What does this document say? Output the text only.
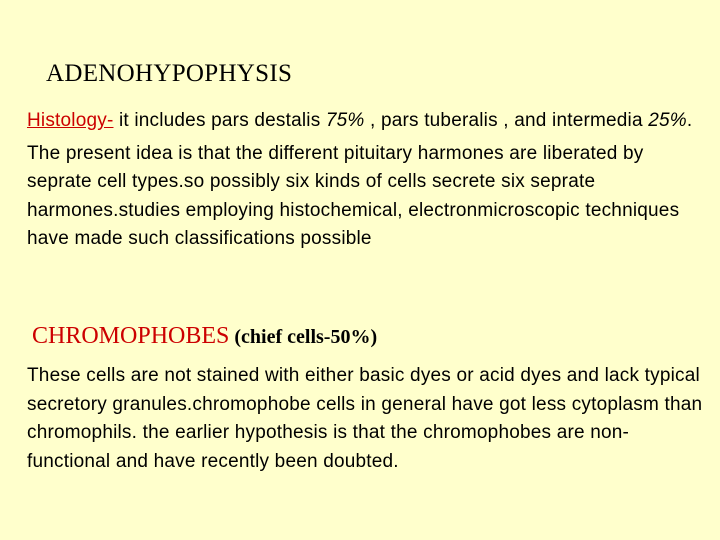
ADENOHYPOPHYSIS

Histology- it includes pars destalis 75% , pars tuberalis , and intermedia 25%.

The present idea is that the different pituitary harmones are liberated by seprate cell types.so possibly six kinds of cells secrete six seprate harmones.studies employing histochemical, electronmicroscopic techniques have made such classifications possible

CHROMOPHOBES (chief cells-50%)

These cells are not stained with either basic dyes or acid dyes and lack typical secretory granules.chromophobe cells in general have got less cytoplasm than chromophils. the earlier hypothesis is that the chromophobes are non-functional and have recently been doubted.
